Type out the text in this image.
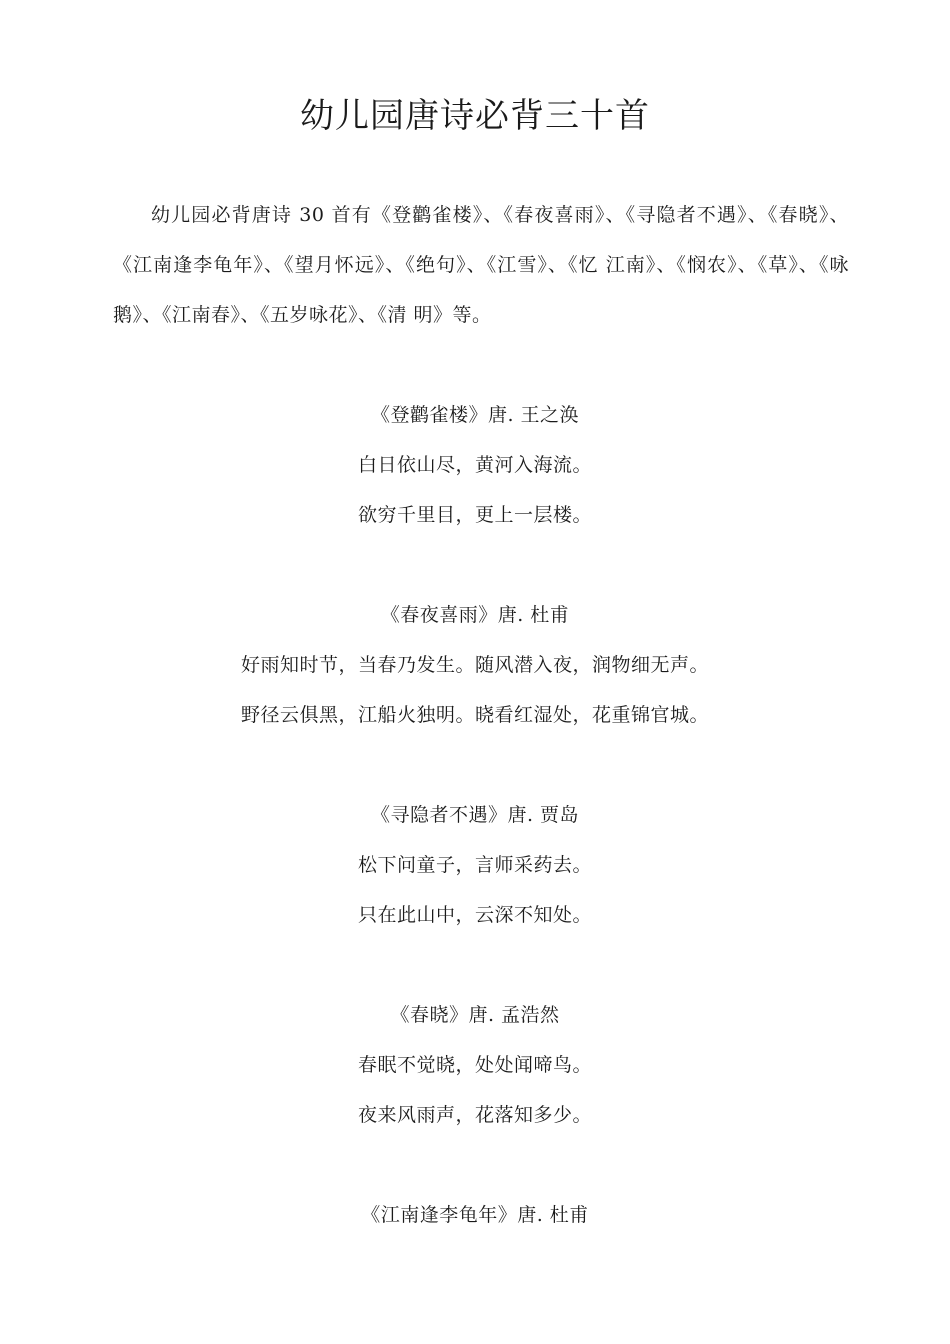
幼儿园唐诗必背三十首
幼儿园必背唐诗 30 首有《登鹳雀楼》、《春夜喜雨》、《寻隐者不遇》、《春晓》、《江南逢李龟年》、《望月怀远》、《绝句》、《江雪》、《忆 江南》、《悯农》、《草》、《咏鹅》、《江南春》、《五岁咏花》、《清 明》等。
《登鹳雀楼》唐. 王之涣
白日依山尽，黄河入海流。
欲穷千里目，更上一层楼。
《春夜喜雨》唐. 杜甫
好雨知时节，当春乃发生。随风潜入夜，润物细无声。
野径云俱黑，江船火独明。晓看红湿处，花重锦官城。
《寻隐者不遇》唐. 贾岛
松下问童子，言师采药去。
只在此山中，云深不知处。
《春晓》唐. 孟浩然
春眠不觉晓，处处闻啼鸟。
夜来风雨声，花落知多少。
《江南逢李龟年》唐. 杜甫
